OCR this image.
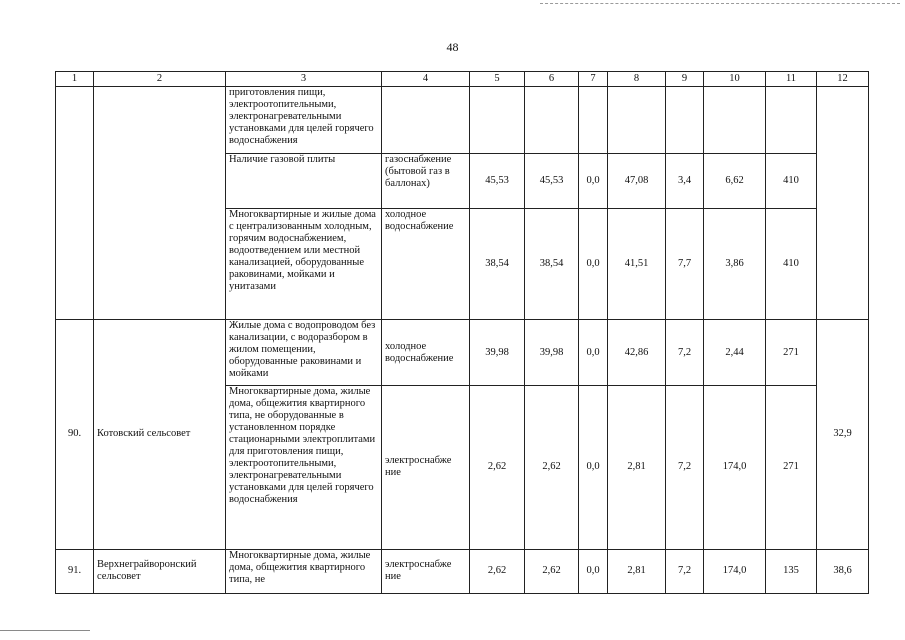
48
1	2	3	4	5	6	7	8	9	10	11	12
		приготовления пищи, электроотопительными, электронагревательными установками для целей горячего водоснабжения									
		Наличие газовой плиты	газоснабжение (бытовой газ в баллонах)	45,53	45,53	0,0	47,08	3,4	6,62	410	
		Многоквартирные и жилые дома с централизованным холодным, горячим водоснабжением, водоотведением или местной канализацией, оборудованные раковинами, мойками и унитазами	холодное водоснабжение	38,54	38,54	0,0	41,51	7,7	3,86	410	
90.	Котовский сельсовет	Жилые дома с водопроводом без канализации, с водоразбором в жилом помещении, оборудованные раковинами и мойками	холодное водоснабжение	39,98	39,98	0,0	42,86	7,2	2,44	271	32,9
		Многоквартирные дома, жилые дома, общежития квартирного типа, не оборудованные в установленном порядке стационарными электроплитами для приготовления пищи, электроотопительными, электронагревательными установками для целей горячего водоснабжения	электроснабже ние	2,62	2,62	0,0	2,81	7,2	174,0	271	
91.	Верхнеграйворонский сельсовет	Многоквартирные дома, жилые дома, общежития квартирного типа, не	электроснабже ние	2,62	2,62	0,0	2,81	7,2	174,0	135	38,6
